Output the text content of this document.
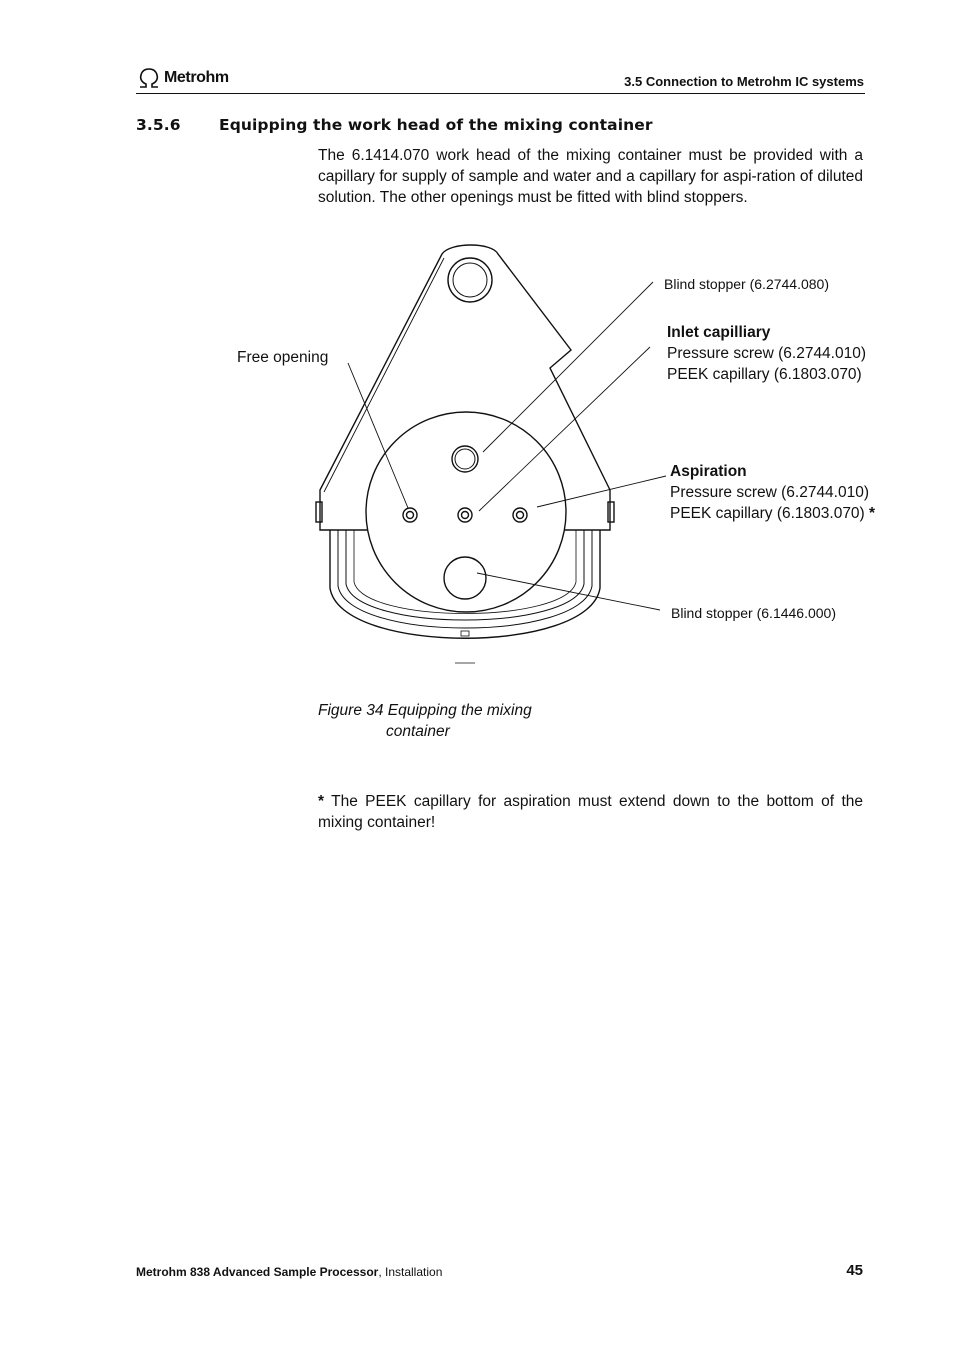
Metrohm	3.5 Connection to Metrohm IC systems
3.5.6 Equipping the work head of the mixing container
The 6.1414.070 work head of the mixing container must be provided with a capillary for supply of sample and water and a capillary for aspi-ration of diluted solution. The other openings must be fitted with blind stoppers.
Blind stopper (6.2744.080)
Free opening
Inlet capilliary
Pressure screw (6.2744.010)
PEEK capillary (6.1803.070)
Aspiration
Pressure screw (6.2744.010)
PEEK capillary (6.1803.070) *
Blind stopper (6.1446.000)
Figure 34 Equipping the mixing
container
* The PEEK capillary for aspiration must extend down to the bottom of the mixing container!
Metrohm 838 Advanced Sample Processor, Installation	45
